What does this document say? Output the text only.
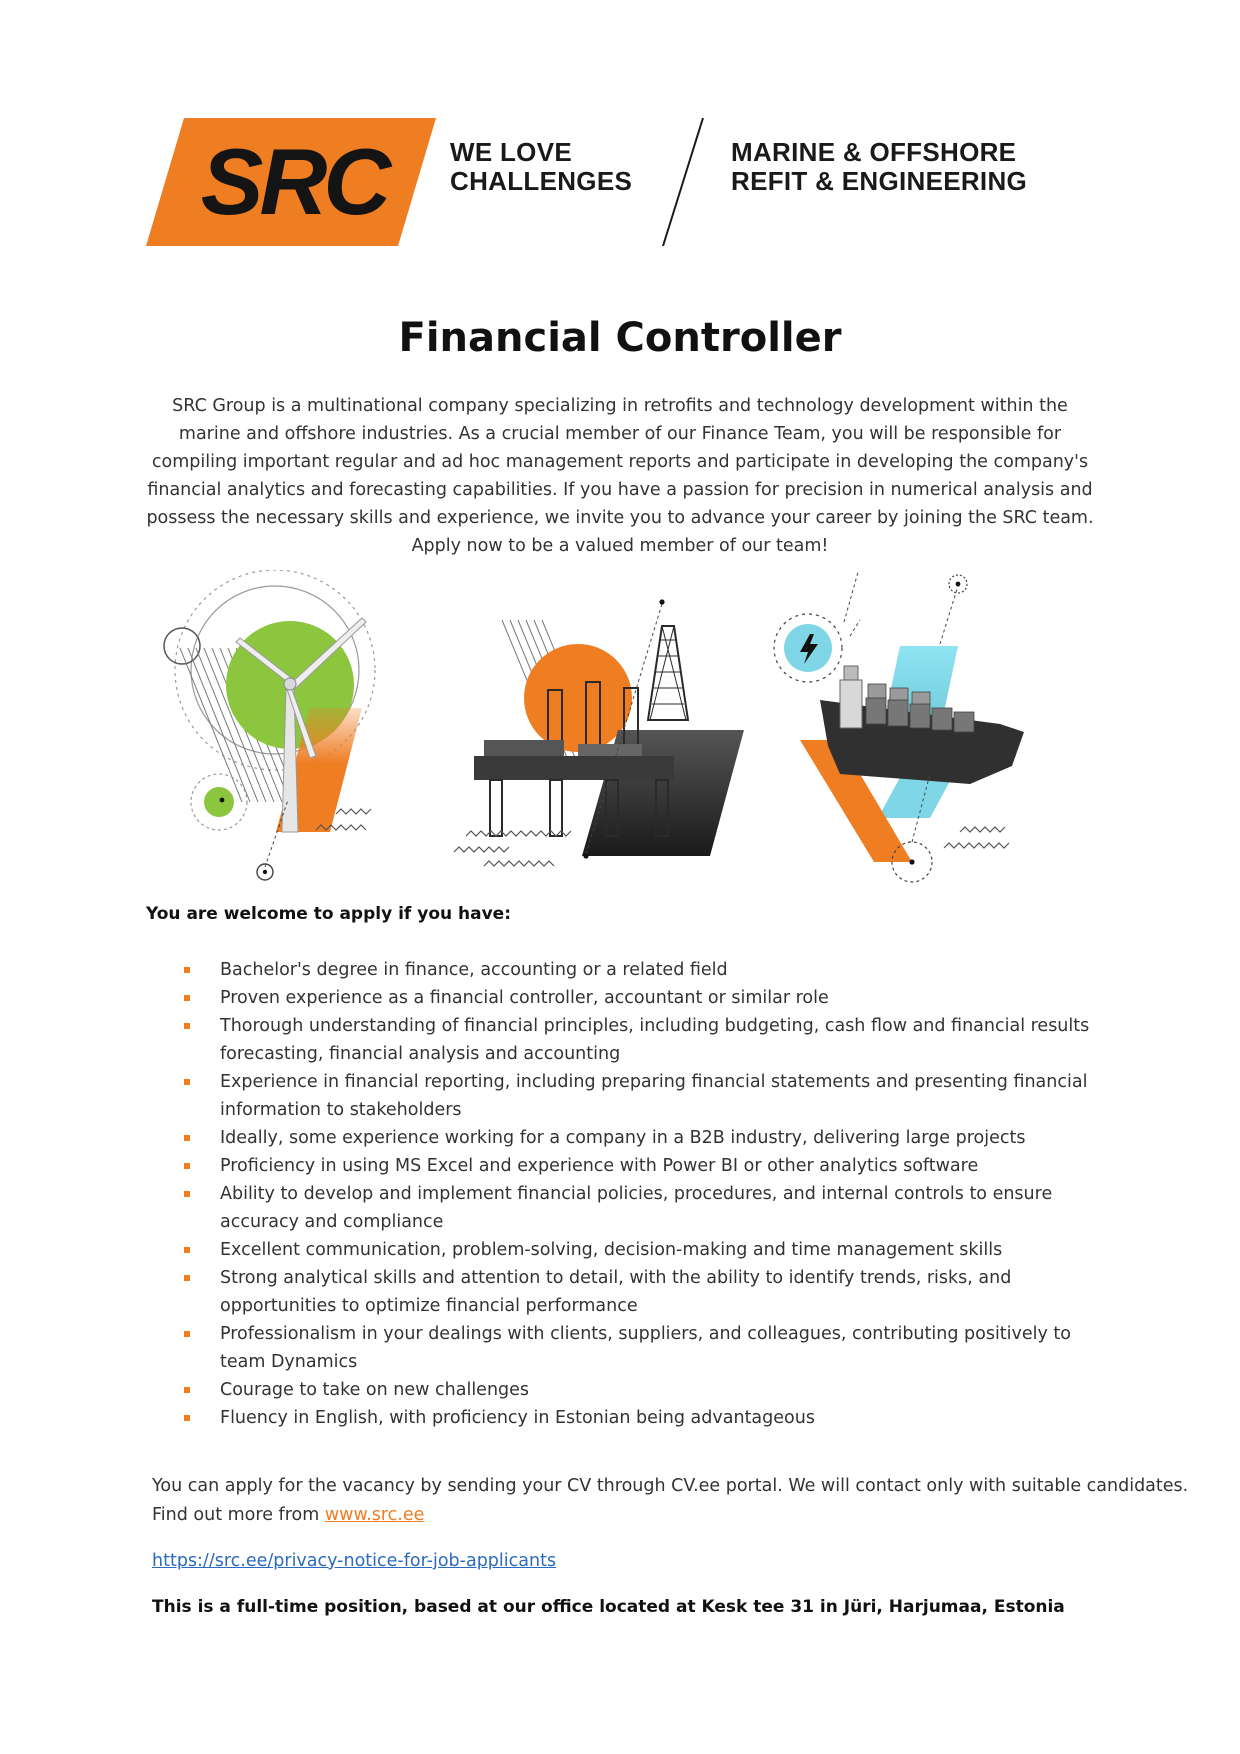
SRC WE LOVE
CHALLENGES
MARINE & OFFSHORE
REFIT & ENGINEERING
Financial Controller

SRC Group is a multinational company specializing in retrofits and technology development within the marine and offshore industries. As a crucial member of our Finance Team, you will be responsible for compiling important regular and ad hoc management reports and participate in developing the company's financial analytics and forecasting capabilities. If you have a passion for precision in numerical analysis and possess the necessary skills and experience, we invite you to advance your career by joining the SRC team.

Apply now to be a valued member of our team!

You are welcome to apply if you have:
Bachelor's degree in finance, accounting or a related field
Proven experience as a financial controller, accountant or similar role
Thorough understanding of financial principles, including budgeting, cash flow and financial results forecasting, financial analysis and accounting
Experience in financial reporting, including preparing financial statements and presenting financial information to stakeholders
Ideally, some experience working for a company in a B2B industry, delivering large projects
Proficiency in using MS Excel and experience with Power BI or other analytics software
Ability to develop and implement financial policies, procedures, and internal controls to ensure accuracy and compliance
Excellent communication, problem-solving, decision-making and time management skills
Strong analytical skills and attention to detail, with the ability to identify trends, risks, and opportunities to optimize financial performance
Professionalism in your dealings with clients, suppliers, and colleagues, contributing positively to team Dynamics
Courage to take on new challenges
Fluency in English, with proficiency in Estonian being advantageous

You can apply for the vacancy by sending your CV through CV.ee portal. We will contact only with suitable candidates.

Find out more from www.src.ee

https://src.ee/privacy-notice-for-job-applicants
This is a full-time position, based at our office located at Kesk tee 31 in Jüri, Harjumaa, Estonia
